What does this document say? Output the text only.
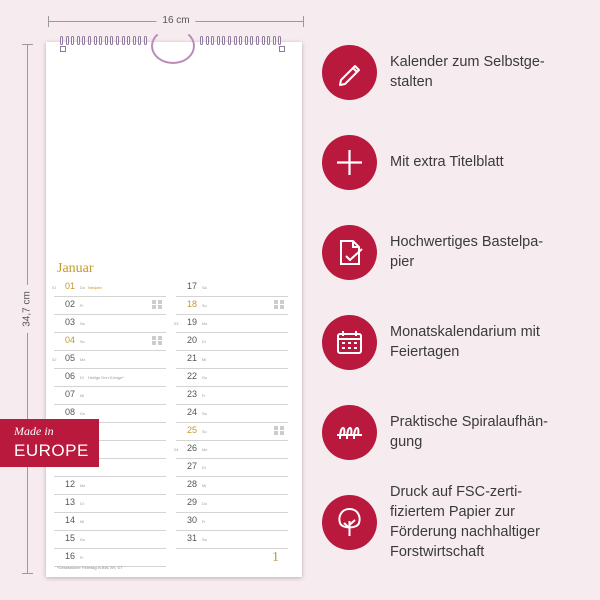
16 cm
34,7 cm
Januar
01 01 Do Neujahr
02 Fr
03 Sa
04 So
02 05 Mo
06 Di Heilige Drei Könige*
07 Mi
08 Do
12 Mo
13 Di
14 Mi
15 Do
16 Fr
17 Sa
18 So
03 19 Mo
20 Di
21 Mi
22 Do
23 Fr
24 Sa
25 So
04 26 Mo
27 Di
28 Mi
29 Do
30 Fr
31 Sa
*Gesetzlicher Feiertag in BW, BY, ST
1
Made in
EUROPE
Kalender zum Selbstge-
stalten
Mit extra Titelblatt
Hochwertiges Bastelpa-
pier
Monatskalendarium mit
Feiertagen
Praktische Spiralaufhän-
gung
Druck auf FSC-zerti-
fiziertem Papier zur
Förderung nachhaltiger
Forstwirtschaft
